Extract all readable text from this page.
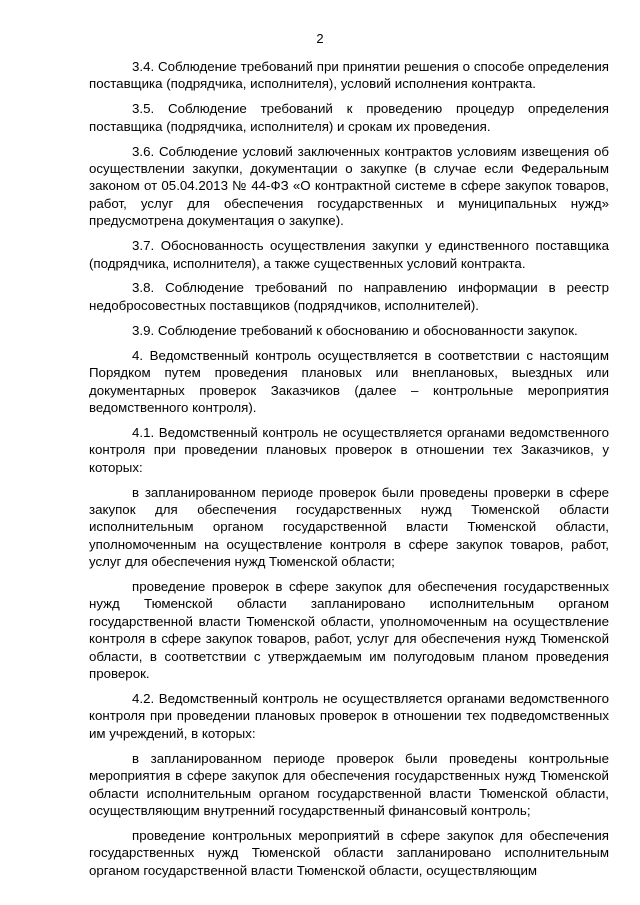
2

3.4. Соблюдение требований при принятии решения о способе определения поставщика (подрядчика, исполнителя), условий исполнения контракта.

3.5. Соблюдение требований к проведению процедур определения поставщика (подрядчика, исполнителя) и срокам их проведения.

3.6. Соблюдение условий заключенных контрактов условиям извещения об осуществлении закупки, документации о закупке (в случае если Федеральным законом от 05.04.2013 № 44-ФЗ «О контрактной системе в сфере закупок товаров, работ, услуг для обеспечения государственных и муниципальных нужд» предусмотрена документация о закупке).

3.7. Обоснованность осуществления закупки у единственного поставщика (подрядчика, исполнителя), а также существенных условий контракта.

3.8. Соблюдение требований по направлению информации в реестр недобросовестных поставщиков (подрядчиков, исполнителей).

3.9. Соблюдение требований к обоснованию и обоснованности закупок.

4. Ведомственный контроль осуществляется в соответствии с настоящим Порядком путем проведения плановых или внеплановых, выездных или документарных проверок Заказчиков (далее – контрольные мероприятия ведомственного контроля).

4.1. Ведомственный контроль не осуществляется органами ведомственного контроля при проведении плановых проверок в отношении тех Заказчиков, у которых:

в запланированном периоде проверок были проведены проверки в сфере закупок для обеспечения государственных нужд Тюменской области исполнительным органом государственной власти Тюменской области, уполномоченным на осуществление контроля в сфере закупок товаров, работ, услуг для обеспечения нужд Тюменской области;

проведение проверок в сфере закупок для обеспечения государственных нужд Тюменской области запланировано исполнительным органом государственной власти Тюменской области, уполномоченным на осуществление контроля в сфере закупок товаров, работ, услуг для обеспечения нужд Тюменской области, в соответствии с утверждаемым им полугодовым планом проведения проверок.

4.2. Ведомственный контроль не осуществляется органами ведомственного контроля при проведении плановых проверок в отношении тех подведомственных им учреждений, в которых:

в запланированном периоде проверок были проведены контрольные мероприятия в сфере закупок для обеспечения государственных нужд Тюменской области исполнительным органом государственной власти Тюменской области, осуществляющим внутренний государственный финансовый контроль;

проведение контрольных мероприятий в сфере закупок для обеспечения государственных нужд Тюменской области запланировано исполнительным органом государственной власти Тюменской области, осуществляющим
